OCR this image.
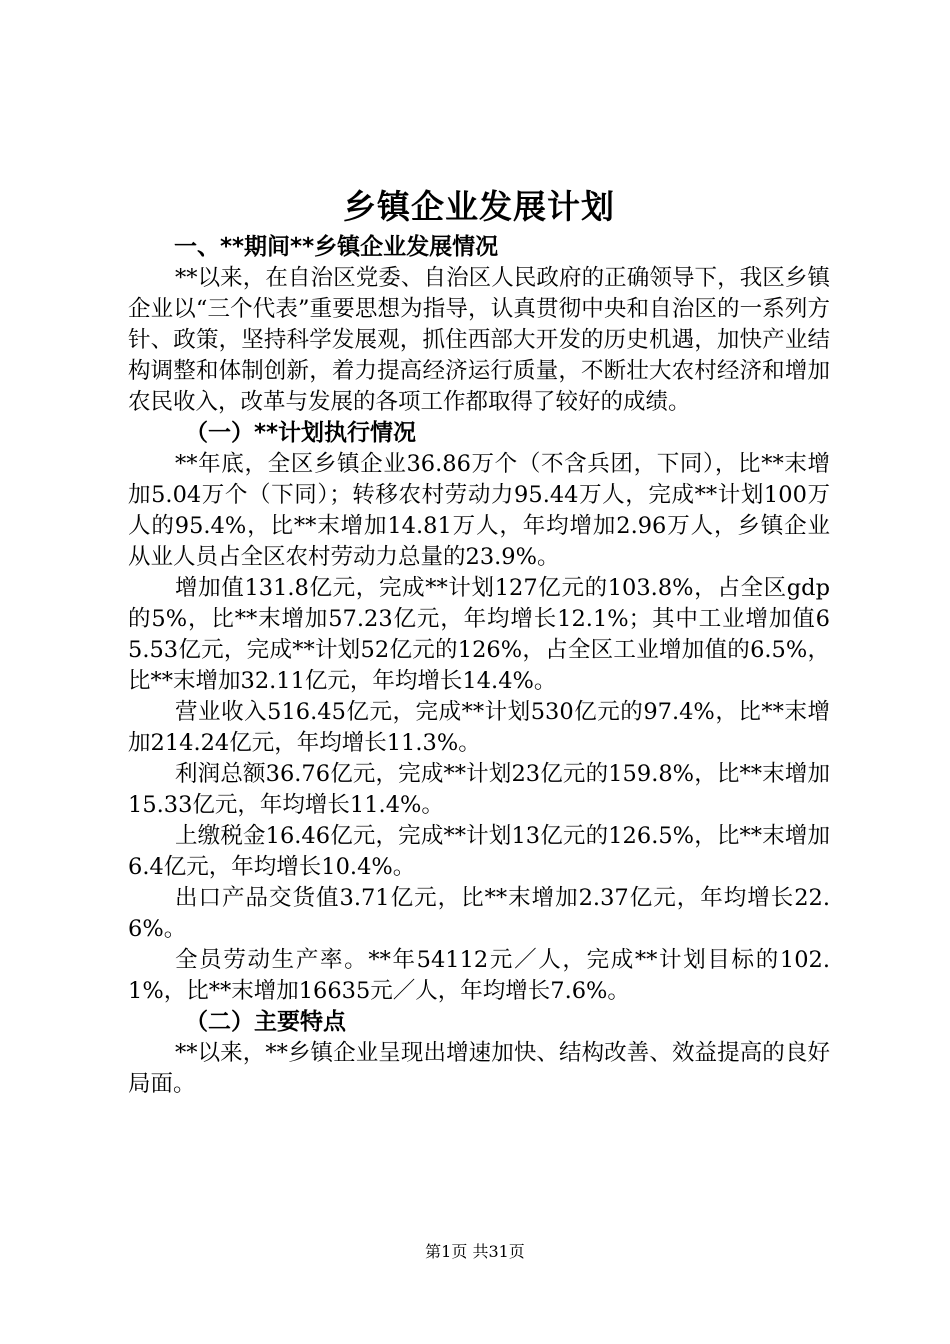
乡镇企业发展计划
一、**期间**乡镇企业发展情况

**以来，在自治区党委、自治区人民政府的正确领导下，我区乡镇企业以“三个代表”重要思想为指导，认真贯彻中央和自治区的一系列方针、政策，坚持科学发展观，抓住西部大开发的历史机遇，加快产业结构调整和体制创新，着力提高经济运行质量，不断壮大农村经济和增加农民收入，改革与发展的各项工作都取得了较好的成绩。

（一）**计划执行情况

**年底，全区乡镇企业36.86万个（不含兵团，下同），比**末增加5.04万个（下同）；转移农村劳动力95.44万人，完成**计划100万人的95.4%，比**末增加14.81万人，年均增加2.96万人，乡镇企业从业人员占全区农村劳动力总量的23.9%。

增加值131.8亿元，完成**计划127亿元的103.8%，占全区gdp的5%，比**末增加57.23亿元，年均增长12.1%；其中工业增加值65.53亿元，完成**计划52亿元的126%，占全区工业增加值的6.5%，比**末增加32.11亿元，年均增长14.4%。

营业收入516.45亿元，完成**计划530亿元的97.4%，比**末增加214.24亿元，年均增长11.3%。

利润总额36.76亿元，完成**计划23亿元的159.8%，比**末增加15.33亿元，年均增长11.4%。

上缴税金16.46亿元，完成**计划13亿元的126.5%，比**末增加6.4亿元，年均增长10.4%。

出口产品交货值3.71亿元，比**末增加2.37亿元，年均增长22.6%。

全员劳动生产率。**年54112元／人，完成**计划目标的102.1%，比**末增加16635元／人，年均增长7.6%。

（二）主要特点

**以来，**乡镇企业呈现出增速加快、结构改善、效益提高的良好局面。

第1页 共31页
